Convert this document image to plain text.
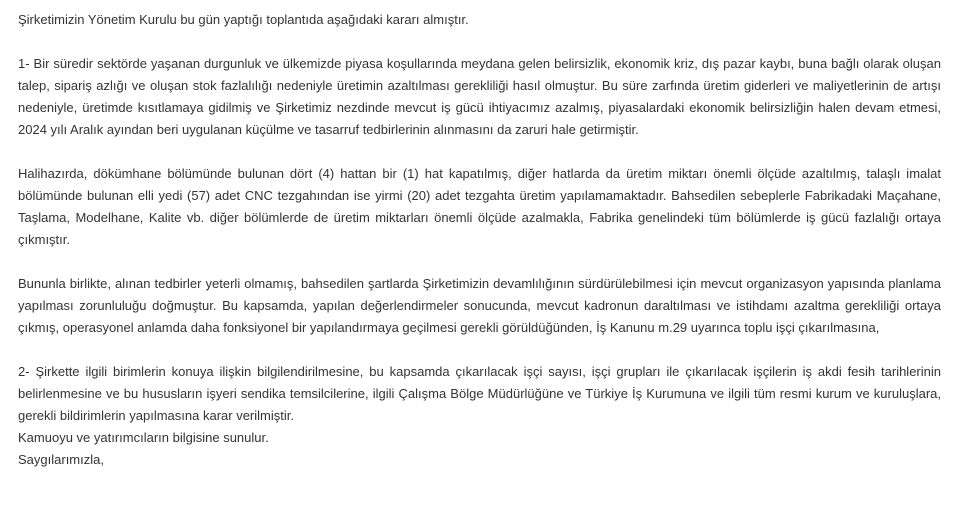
Şirketimizin Yönetim Kurulu bu gün yaptığı toplantıda aşağıdaki kararı almıştır.

1- Bir süredir sektörde yaşanan durgunluk ve ülkemizde piyasa koşullarında meydana gelen belirsizlik, ekonomik kriz, dış pazar kaybı, buna bağlı olarak oluşan talep, sipariş azlığı ve oluşan stok fazlalılığı nedeniyle üretimin azaltılması gerekliliği hasıl olmuştur. Bu süre zarfında üretim giderleri ve maliyetlerinin de artışı nedeniyle, üretimde kısıtlamaya gidilmiş ve Şirketimiz nezdinde mevcut iş gücü ihtiyacımız azalmış, piyasalardaki ekonomik belirsizliğin halen devam etmesi, 2024 yılı Aralık ayından beri uygulanan küçülme ve tasarruf tedbirlerinin alınmasını da zaruri hale getirmiştir.

Halihazırda, dökümhane bölümünde bulunan dört (4) hattan bir (1) hat kapatılmış, diğer hatlarda da üretim miktarı önemli ölçüde azaltılmış, talaşlı imalat bölümünde bulunan elli yedi (57) adet CNC tezgahından ise yirmi (20) adet tezgahta üretim yapılamamaktadır. Bahsedilen sebeplerle Fabrikadaki Maçahane, Taşlama, Modelhane, Kalite vb. diğer bölümlerde de üretim miktarları önemli ölçüde azalmakla, Fabrika genelindeki tüm bölümlerde iş gücü fazlalığı ortaya çıkmıştır.

Bununla birlikte, alınan tedbirler yeterli olmamış, bahsedilen şartlarda Şirketimizin devamlılığının sürdürülebilmesi için mevcut organizasyon yapısında planlama yapılması zorunluluğu doğmuştur. Bu kapsamda, yapılan değerlendirmeler sonucunda, mevcut kadronun daraltılması ve istihdamı azaltma gerekliliği ortaya çıkmış, operasyonel anlamda daha fonksiyonel bir yapılandırmaya geçilmesi gerekli görüldüğünden, İş Kanunu m.29 uyarınca toplu işçi çıkarılmasına,

2- Şirkette ilgili birimlerin konuya ilişkin bilgilendirilmesine, bu kapsamda çıkarılacak işçi sayısı, işçi grupları ile çıkarılacak işçilerin iş akdi fesih tarihlerinin belirlenmesine ve bu hususların işyeri sendika temsilcilerine, ilgili Çalışma Bölge Müdürlüğüne ve Türkiye İş Kurumuna ve ilgili tüm resmi kurum ve kuruluşlara, gerekli bildirimlerin yapılmasına karar verilmiştir.

Kamuoyu ve yatırımcıların bilgisine sunulur.
Saygılarımızla,
